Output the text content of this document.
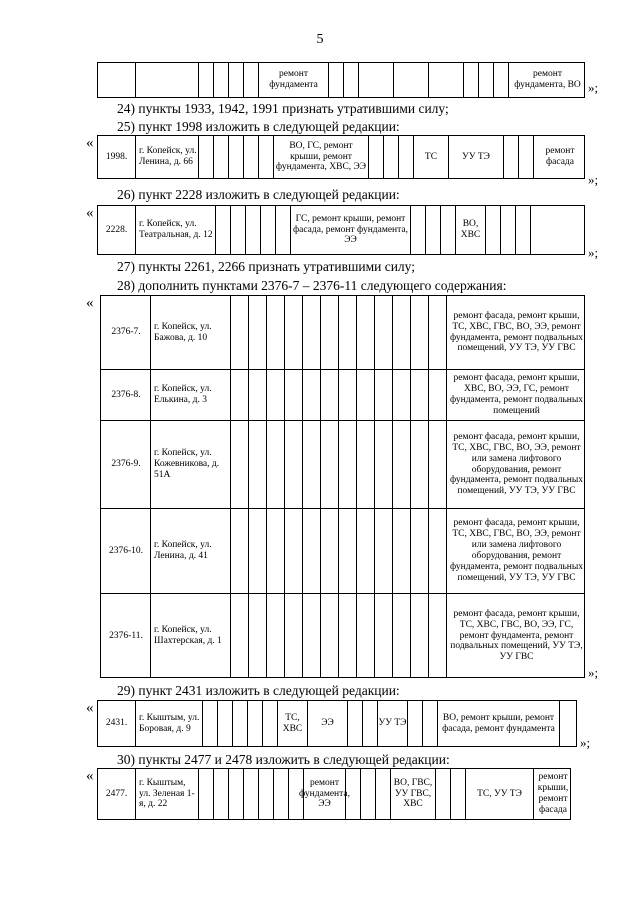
5
ремонт фундамента
ремонт фундамента, ВО »;
24) пункты 1933, 1942, 1991 признать утратившими силу;
25) пункт 1998 изложить в следующей редакции:
«
1998.
г. Копейск, ул. Ленина, д. 66
ВО, ГС, ремонт крыши, ремонт фундамента, ХВС, ЭЭ
ТС	УУ ТЭ
ремонт фасада
»;
26) пункт 2228 изложить в следующей редакции:
«
2228.
г. Копейск, ул. Театральная, д. 12
ГС, ремонт крыши, ремонт фасада, ремонт фундамента, ЭЭ
ВО, ХВС
»;
27) пункты 2261, 2266 признать утратившими силу;
28) дополнить пунктами 2376-7 – 2376-11 следующего содержания:
«
2376-7.
г. Копейск, ул. Бажова, д. 10
ремонт фасада, ремонт крыши, ТС, ХВС, ГВС, ВО, ЭЭ, ремонт фундамента, ремонт подвальных помещений, УУ ТЭ, УУ ГВС
2376-8.
г. Копейск, ул. Елькина, д. 3
ремонт фасада, ремонт крыши, ХВС, ВО, ЭЭ, ГС, ремонт фундамента, ремонт подвальных помещений
2376-9.
г. Копейск, ул. Кожевникова, д. 51А
ремонт фасада, ремонт крыши, ТС, ХВС, ГВС, ВО, ЭЭ, ремонт или замена лифтового оборудования, ремонт фундамента, ремонт подвальных помещений, УУ ТЭ, УУ ГВС
2376-10.
г. Копейск, ул. Ленина, д. 41
ремонт фасада, ремонт крыши, ТС, ХВС, ГВС, ВО, ЭЭ, ремонт или замена лифтового оборудования, ремонт фундамента, ремонт подвальных помещений, УУ ТЭ, УУ ГВС
2376-11.
г. Копейск, ул. Шахтерская, д. 1
ремонт фасада, ремонт крыши, ТС, ХВС, ГВС, ВО, ЭЭ, ГС, ремонт фундамента, ремонт подвальных помещений, УУ ТЭ, УУ ГВС
»;
29) пункт 2431 изложить в следующей редакции:
«
2431.
г. Кыштым, ул. Боровая, д. 9
ТС, ХВС
ЭЭ	УУ ТЭ
ВО, ремонт крыши, ремонт фасада, ремонт фундамента
»;
30) пункты 2477 и 2478 изложить в следующей редакции:
«
2477.
г. Кыштым, ул. Зеленая 1-я, д. 22
ремонт фундамента, ЭЭ
ВО, ГВС, УУ ГВС, ХВС
ТС, УУ ТЭ
ремонт крыши, ремонт фасада
